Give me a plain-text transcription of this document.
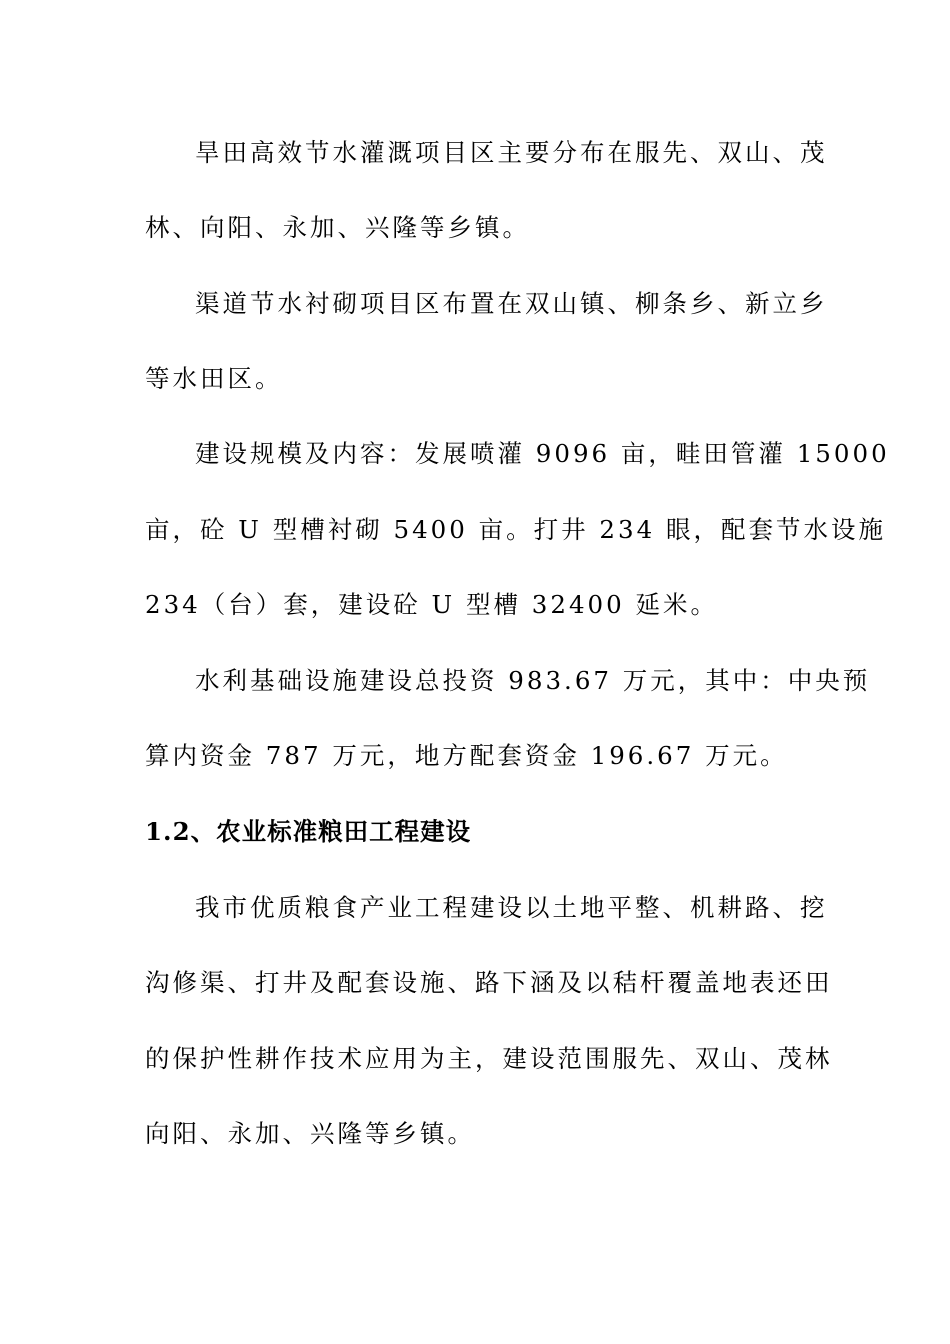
旱田高效节水灌溉项目区主要分布在服先、双山、茂
林、向阳、永加、兴隆等乡镇。
渠道节水衬砌项目区布置在双山镇、柳条乡、新立乡
等水田区。
建设规模及内容：发展喷灌 9096 亩，畦田管灌 15000
亩，砼 U 型槽衬砌 5400 亩。打井 234 眼，配套节水设施
234（台）套，建设砼 U 型槽 32400 延米。
水利基础设施建设总投资 983.67 万元，其中：中央预
算内资金 787 万元，地方配套资金 196.67 万元。
1.2、农业标准粮田工程建设
我市优质粮食产业工程建设以土地平整、机耕路、挖
沟修渠、打井及配套设施、路下涵及以秸杆覆盖地表还田
的保护性耕作技术应用为主，建设范围服先、双山、茂林
向阳、永加、兴隆等乡镇。
